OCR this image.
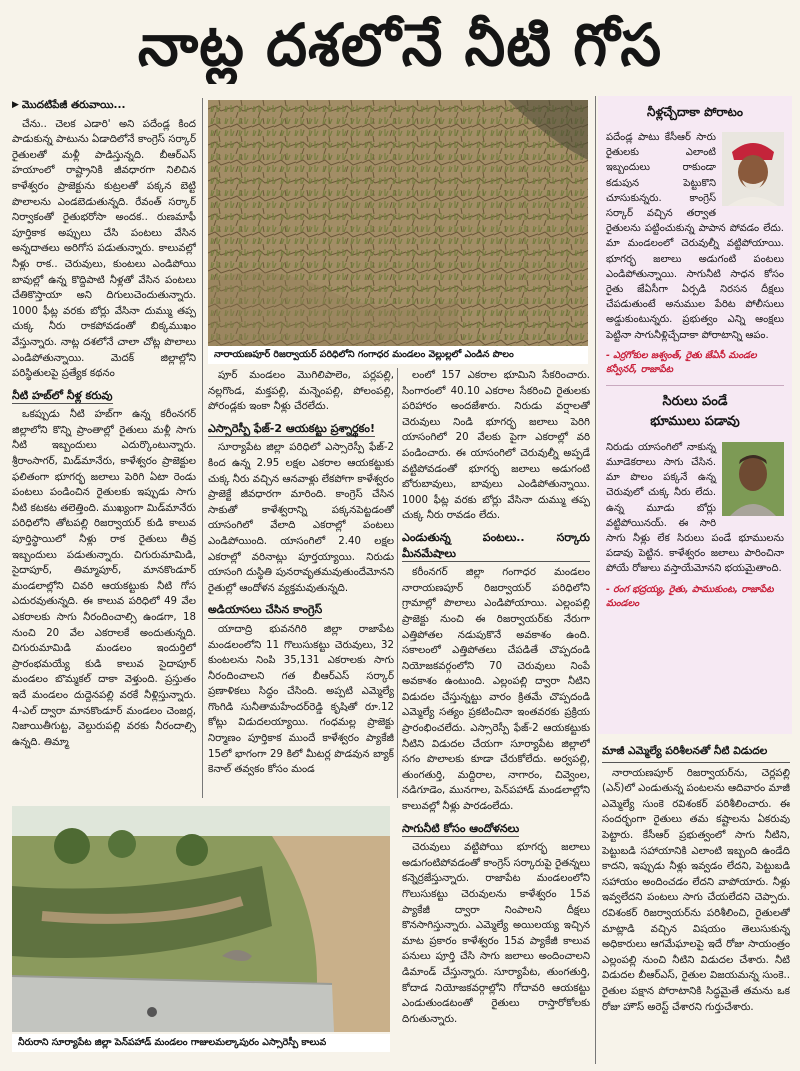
నాట్ల దశలోనే నీటి గోస
▶ మొదటిపేజీ తరువాయి...

చేను.. చెలక ఎడారి' అని పదేండ్ల కింద పాడుకున్న పాటును ఏడాదిలోనే కాంగ్రెస్ సర్కార్ రైతులతో మళ్లీ పాడిస్తున్నది. బీఆర్ఎస్ హయాంలో రాష్ట్రానికి జీవధారగా నిలిచిన కాళేశ్వరం ప్రాజెక్టును కుట్రలతో పక్కన బెట్టి పొలాలను ఎండబెడుతున్నది. రేవంత్ సర్కార్ నిర్వాకంతో రైతుభరోసా అందక.. రుణమాఫీ పూర్తికాక అప్పులు చేసి పంటలు వేసిన అన్నదాతలు అరిగోస పడుతున్నారు. కాలువల్లో నీళ్లు రాక.. చెరువులు, కుంటలు ఎండిపోయి బావుల్లో ఉన్న కొద్దిపాటి నీళ్లతో వేసిన పంటలు చేతికొస్తాయా అని దిగులుచెందుతున్నారు. 1000 ఫీట్ల వరకు బోర్లు వేసినా దుమ్ము తప్ప చుక్క నీరు రాకపోవడంతో బిక్కముఖం వేస్తున్నారు. నాట్ల దశలోనే చాలా చోట్ల పొలాలు ఎండిపోతున్నాయి. మెదక్ జిల్లాల్లోని పరిస్థితులపై ప్రత్యేక కథనం

నీటి హబ్‌లో నీళ్ల కరువు

ఒకప్పుడు నీటి హబ్‌గా ఉన్న కరీంనగర్ జిల్లాలోని కొన్ని ప్రాంతాల్లో రైతులు మళ్లీ సాగు నీటి ఇబ్బందులు ఎదుర్కొంటున్నారు. శ్రీరాంసాగర్, మిడ్‌మానేరు, కాళేశ్వరం ప్రాజెక్టుల ఫలితంగా భూగర్భ జలాలు పెరిగి ఏటా రెండు పంటలు పండించిన రైతులకు ఇప్పుడు సాగు నీటి కటకట తలెత్తింది. ముఖ్యంగా మిడ్‌మానేరు పరిధిలోని తోటపల్లి రిజర్వాయర్ కుడి కాలువ పూర్తిస్థాయిలో నీళ్లు రాక రైతులు తీవ్ర ఇబ్బందులు పడుతున్నారు. చిగురుమామిడి, సైదాపూర్, తిమ్మాపూర్, మానకొండూర్ మండలాల్లోని చివరి ఆయకట్టుకు నీటి గోస ఎదురవుతున్నది. ఈ కాలువ పరిధిలో 49 వేల ఎకరాలకు సాగు నీరందించాల్సి ఉండగా, 18 నుంచి 20 వేల ఎకరాలకే అందుతున్నది. చిగురుమామిడి మండలం ఇందుర్తిలో ప్రారంభమయ్యే కుడి కాలువ సైదాపూర్ మండలం బొమ్మకల్ దాకా వెళ్తుంది. ప్రస్తుతం ఇదే మండలం దుద్దెనపల్లి వరకే నీళ్లిస్తున్నారు. 4-ఎల్ ద్వారా మానకొండూర్ మండలం చెంజర్ల, నిజాయితీగుట్ట, వెల్దురుపల్లి వరకు నీరందాల్సి ఉన్నది. తిమ్మా

నారాయణపూర్ రిజర్వాయర్ పరిధిలోని గంగాధర మండలం వెల్లుల్లలో ఎండిన పొలం

పూర్ మండలం మొగిలిపాలెం, పర్లపల్లి, నల్లగొండ, మక్తపల్లి, మన్నెంపల్లి, పోలంపల్లి, పోరండ్లకు ఇంకా నీళ్లు చేరలేదు.

ఎస్సారెస్పీ ఫేజ్-2 ఆయకట్టు ప్రశ్నార్థకం!

సూర్యాపేట జిల్లా పరిధిలో ఎస్సారెస్పీ ఫేజ్-2 కింద ఉన్న 2.95 లక్షల ఎకరాల ఆయకట్టుకు చుక్క నీరు వచ్చిన ఆనవాళ్లు లేకపోగా కాళేశ్వరం ప్రాజెక్టే జీవధారగా మారింది. కాంగ్రెస్ చేసిన సాకుతో కాళేశ్వరాన్ని పక్కనపెట్టడంతో యాసంగిలో వేలాది ఎకరాల్లో పంటలు ఎండిపోయింది. యాసంగిలో 2.40 లక్షల ఎకరాల్లో వరినాట్లు పూర్తయ్యాయి. నిరుడు యాసంగి దుస్థితి పునరావృతమవుతుందేమోనని రైతుల్లో ఆందోళన వ్యక్తమవుతున్నది.

అడియాసలు చేసిన కాంగ్రెస్

యాదాద్రి భువనగిరి జిల్లా రాజాపేట మండలంలోని 11 గొలుసుకట్టు చెరువులు, 32 కుంటలను నింపి 35,131 ఎకరాలకు సాగు నీరందించాలని గత బీఆర్ఎస్ సర్కార్ ప్రణాళికలు సిద్ధం చేసింది. అప్పటి ఎమ్మెల్యే గొంగిడి సునీతామహేందర్‌రెడ్డి కృషితో రూ.12 కోట్లు విడుదలయ్యాయి. గంధమల్ల ప్రాజెక్టు నిర్మాణం పూర్తికాక ముందే కాళేశ్వరం ప్యాకేజీ 15లో భాగంగా 29 కిలో మీటర్ల పొడవున బ్యాక్ కెనాల్ తవ్వకం కోసం మండ

లంలో 157 ఎకరాల భూమిని సేకరించారు. సింగారంలో 40.10 ఎకరాల సేకరించి రైతులకు పరిహారం అందజేశారు. నిరుడు వర్షాలతో చెరువులు నిండి భూగర్భ జలాలు పెరిగి యాసంగిలో 20 వేలకు పైగా ఎకరాల్లో వరి పండించారు. ఈ యాసంగిలో చెరువుల్నీ అప్పడే వట్టిపోవడంతో భూగర్భ జలాలు అడుగంటి బోరుబావులు, బావులు ఎండిపోతున్నాయి. 1000 ఫీట్ల వరకు బోర్లు వేసినా దుమ్ము తప్ప చుక్క నీరు రావడం లేదు.

ఎండుతున్న పంటలు.. సర్కారు మీనమేషాలు

కరీంనగర్ జిల్లా గంగాధర మండలం నారాయణపూర్ రిజర్వాయర్ పరిధిలోని గ్రామాల్లో పొలాలు ఎండిపోయాయి. ఎల్లంపల్లి ప్రాజెక్టు నుంచి ఈ రిజర్వాయర్‌కు నేరుగా ఎత్తిపోతల నడుపుకొనే అవకాశం ఉంది. సకాలంలో ఎత్తిపోతలు చేపడితే చొప్పదండి నియోజకవర్గంలోని 70 చెరువులు నింపే అవకాశం ఉంటుంది. ఎల్లంపల్లి ద్వారా నీటిని విడుదల చేస్తున్నట్టు వారం క్రితమే చొప్పదండి ఎమ్మెల్యే సత్యం ప్రకటించినా ఇంతవరకు ప్రక్రియ ప్రారంభించలేదు. ఎస్సారెస్పీ ఫేజ్-2 ఆయకట్టుకు నీటిని విడుదల చేయగా సూర్యాపేట జిల్లాలో సగం పొలాలకు కూడా చేరుకోలేదు. అర్వపల్లి, తుంగతుర్తి, మద్దిరాల, నాగారం, చివ్వెంల, నడిగూడెం, మునగాల, పెన్‌పహాడ్ మండలాల్లోని కాలువల్లో నీళ్లు పారడంలేదు.

సాగునీటి కోసం ఆందోళనలు

చెరువులు వట్టిపోయి భూగర్భ జలాలు అడుగంటిపోవడంతో కాంగ్రెస్ సర్కారుపై రైతన్నలు కన్నెర్రజేస్తున్నారు. రాజాపేట మండలంలోని గొలుసుకట్టు చెరువులను కాళేశ్వరం 15వ ప్యాకేజీ ద్వారా నింపాలని దీక్షలు కొనసాగిస్తున్నారు. ఎమ్మెల్యే అయిలయ్య ఇచ్చిన మాట ప్రకారం కాళేశ్వరం 15వ ప్యాకేజీ కాలువ పనులు పూర్తి చేసి సాగు జలాలు అందించాలని డిమాండ్ చేస్తున్నారు. సూర్యాపేట, తుంగతుర్తి, కోదాడ నియోజకవర్గాల్లోని గోదావరి ఆయకట్టు ఎండుతుండటంతో రైతులు రాస్తారోకోలకు దిగుతున్నారు.

నీరురాని సూర్యాపేట జిల్లా పెన్‌పహాడ్ మండలం గాజులమల్కాపురం ఎస్సారెస్పీ కాలువ
నీళ్లచ్చేదాకా పోరాటం

పదేండ్ల పాటు కేసీఆర్ సారు రైతులకు ఎలాంటి ఇబ్బందులు రాకుండా కడుపున పెట్టుకొని చూసుకున్నరు. కాంగ్రెస్ సర్కార్ వచ్చిన తర్వాత రైతులను పట్టించుకున్న పాపాన పోవడం లేదు. మా మండలంలో చెరువుల్నీ వట్టిపోయాయి. భూగర్భ జలాలు అడుగంటి పంటలు ఎండిపోతున్నాయి. సాగునీటి సాధన కోసం రైతు జేఏసీగా ఏర్పడి నిరసన దీక్షలు చేపడుతుంటే అనుముల పేరిట పోలీసులు అడ్డుకుంటున్నరు. ప్రభుత్వం ఎన్ని ఆంక్షలు పెట్టినా సాగునీళ్లిచ్చేదాకా పోరాటాన్ని ఆపం.

- ఎర్రగోకుల జశ్వంత్, రైతు జేఏసీ మండల కన్వీనర్, రాజాపేట
సిరులు పండే
భూములు పడావు

నిరుడు యాసంగిలో నాకున్న మూడెకరాలు సాగు చేసిన. మా పొలం పక్కనే ఉన్న చెరువులో చుక్క నీరు లేదు. ఉన్న మూడు బోర్లు వట్టిపోయినయ్. ఈ సారి సాగు నీళ్లు లేక సిరులు పండే భూములను పడావు పెట్టిన. కాళేశ్వరం జలాలు పారించినా పోయే రోజులు వస్తాయేమోనని భయమైతాంది.

- రంగ భద్రయ్య, రైతు, పాముకుంట, రాజాపేట మండలం
మాజీ ఎమ్మెల్యే పరిశీలనతో నీటి విడుదల

నారాయణపూర్ రిజర్వాయర్‌ను, చెర్లపల్లి (ఎన్)లో ఎండుతున్న పంటలను ఆదివారం మాజీ ఎమ్మెల్యే సుంకె రవిశంకర్ పరిశీలించారు. ఈ సందర్భంగా రైతులు తమ కష్టాలను ఏకరువు పెట్టారు. కేసీఆర్ ప్రభుత్వంలో సాగు నీటిని, పెట్టుబడి సహాయానికి ఎలాంటి ఇబ్బంది ఉండేది కాదని, ఇప్పుడు నీళ్లు ఇవ్వడం లేదని, పెట్టుబడి సహాయం అందించడం లేదని వాపోయారు. నీళ్లు ఇవ్వలేదని పంటలు సాగు చేయలేదని చెప్పారు. రవిశంకర్ రిజర్వాయర్‌ను పరిశీలించి, రైతులతో మాట్లాడి వచ్చిన విషయం తెలుసుకున్న అధికారులు ఆగమేఘాలపై ఇదే రోజు సాయంత్రం ఎల్లంపల్లి నుంచి నీటిని విడుదల చేశారు. నీటి విడుదల బీఆర్ఎస్, రైతుల విజయమన్న సుంకె.. రైతుల పక్షాన పోరాటానికి సిద్ధమైతే తమను ఒక రోజు హౌస్ అరెస్ట్ చేశారని గుర్తుచేశారు.
